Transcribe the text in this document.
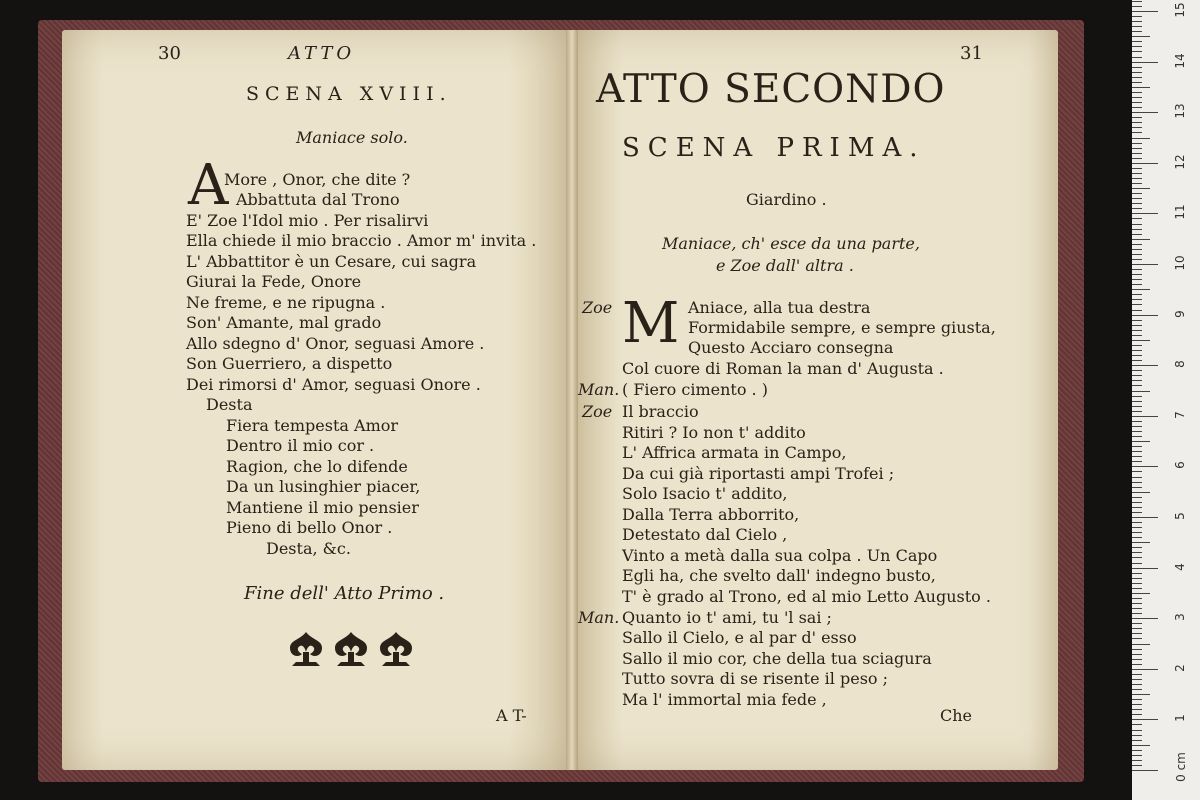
30	ATTO
SCENA XVIII.
Maniace solo.
A
More , Onor, che dite ?
Abbattuta dal Trono
E' Zoe l'Idol mio . Per risalirvi
Ella chiede il mio braccio . Amor m' invita .
L' Abbattitor è un Cesare, cui sagra
Giurai la Fede, Onore
Ne freme, e ne ripugna .
Son' Amante, mal grado
Allo sdegno d' Onor, seguasi Amore .
Son Guerriero, a dispetto
Dei rimorsi d' Amor, seguasi Onore .
Desta
Fiera tempesta Amor
Dentro il mio cor .
Ragion, che lo difende
Da un lusinghier piacer,
Mantiene il mio pensier
Pieno di bello Onor .
Desta, &c.
Fine dell' Atto Primo .
A T-
31
ATTO SECONDO
SCENA PRIMA.
Giardino .
Maniace, ch' esce da una parte,
e Zoe dall' altra .
Zoe M Aniace, alla tua destra
Formidabile sempre, e sempre giusta,
Questo Acciaro consegna
Col cuore di Roman la man d' Augusta .
Man. ( Fiero cimento . )
Zoe Il braccio
Ritiri ? Io non t' addito
L' Affrica armata in Campo,
Da cui già riportasti ampi Trofei ;
Solo Isacio t' addito,
Dalla Terra abborrito,
Detestato dal Cielo ,
Vinto a metà dalla sua colpa . Un Capo
Egli ha, che svelto dall' indegno busto,
T' è grado al Trono, ed al mio Letto Augusto .
Man. Quanto io t' ami, tu 'l sai ;
Sallo il Cielo, e al par d' esso
Sallo il mio cor, che della tua sciagura
Tutto sovra di se risente il peso ;
Ma l' immortal mia fede ,
Che
0 cm
1
2
3
4
5
6
7
8
9
10
11
12
13
14
15
